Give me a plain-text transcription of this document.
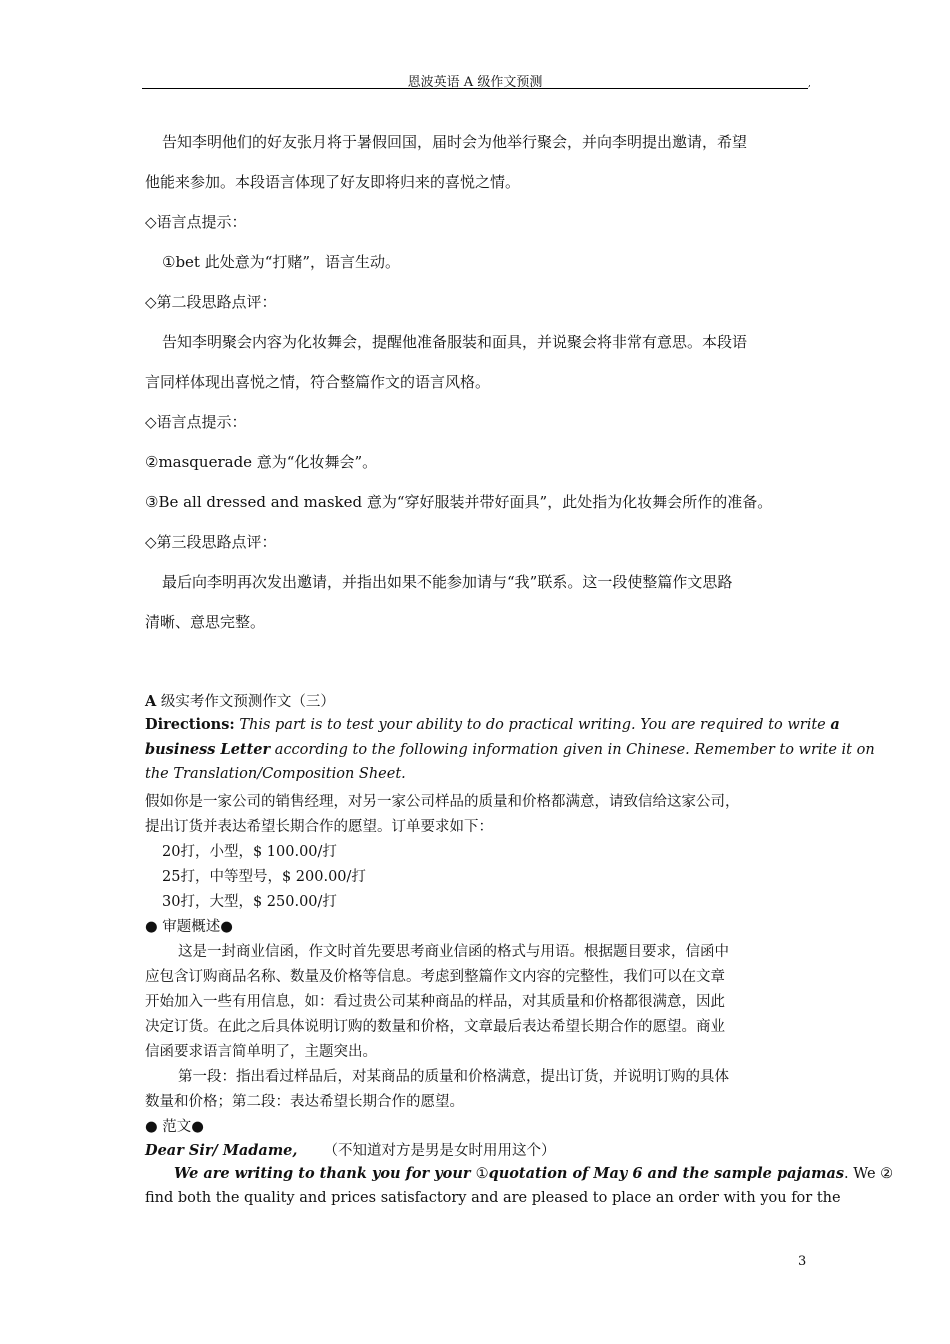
恩波英语 A 级作文预测	,
告知李明他们的好友张月将于暑假回国，届时会为他举行聚会，并向李明提出邀请，希望
他能来参加。本段语言体现了好友即将归来的喜悦之情。
◇语言点提示：
①bet 此处意为“打赌”，语言生动。
◇第二段思路点评：
告知李明聚会内容为化妆舞会，提醒他准备服装和面具，并说聚会将非常有意思。本段语
言同样体现出喜悦之情，符合整篇作文的语言风格。
◇语言点提示：
②masquerade 意为“化妆舞会”。
③Be all dressed and masked 意为“穿好服装并带好面具”，此处指为化妆舞会所作的准备。
◇第三段思路点评：
最后向李明再次发出邀请，并指出如果不能参加请与“我”联系。这一段使整篇作文思路
清晰、意思完整。
A 级实考作文预测作文（三）
Directions: This part is to test your ability to do practical writing. You are required to write a
business Letter according to the following information given in Chinese. Remember to write it on
the Translation/Composition Sheet.
假如你是一家公司的销售经理，对另一家公司样品的质量和价格都满意，请致信给这家公司，
提出订货并表达希望长期合作的愿望。订单要求如下：
20打，小型，$ 100.00/打
25打，中等型号，$ 200.00/打
30打，大型，$ 250.00/打
● 审题概述●
这是一封商业信函，作文时首先要思考商业信函的格式与用语。根据题目要求，信函中
应包含订购商品名称、数量及价格等信息。考虑到整篇作文内容的完整性，我们可以在文章
开始加入一些有用信息，如：看过贵公司某种商品的样品，对其质量和价格都很满意，因此
决定订货。在此之后具体说明订购的数量和价格，文章最后表达希望长期合作的愿望。商业
信函要求语言简单明了，主题突出。
第一段：指出看过样品后，对某商品的质量和价格满意，提出订货，并说明订购的具体
数量和价格；第二段：表达希望长期合作的愿望。
● 范文●
Dear Sir/ Madame, （不知道对方是男是女时用用这个）
We are writing to thank you for your ①quotation of May 6 and the sample pajamas. We ②
find both the quality and prices satisfactory and are pleased to place an order with you for the
3
